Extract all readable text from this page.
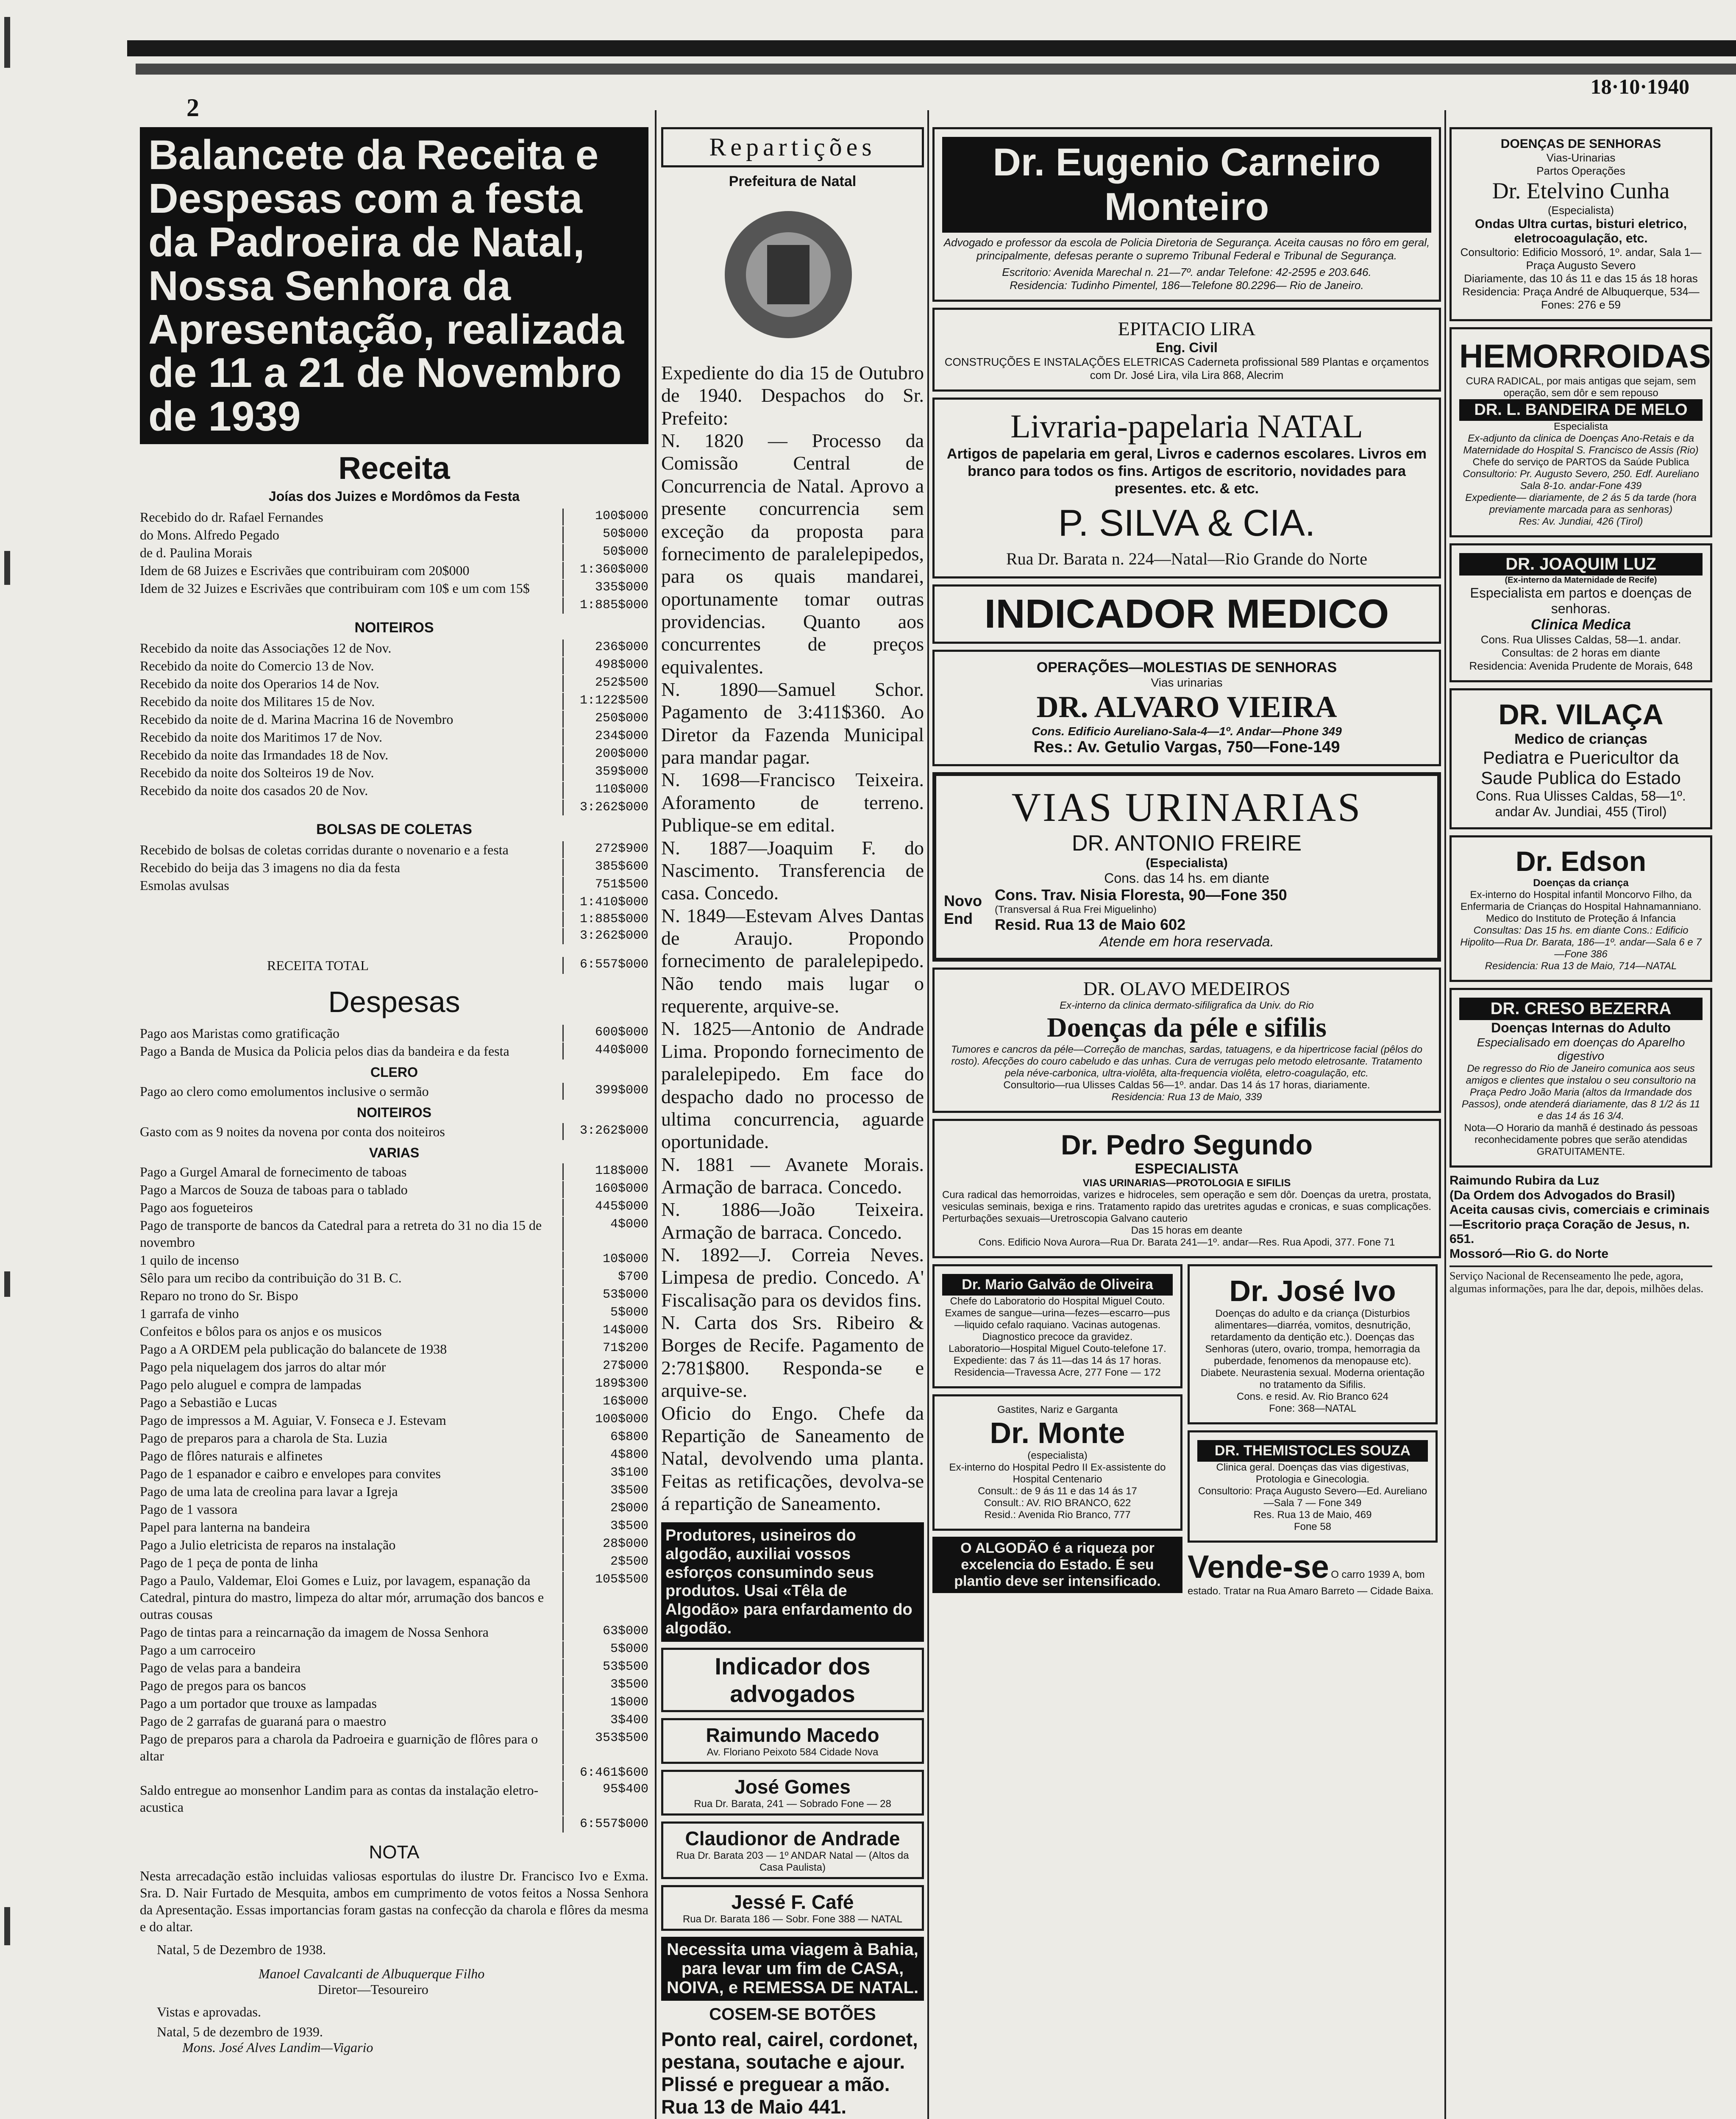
18·10·1940
2
Balancete da Receita e Despesas com a festa da Padroeira de Natal, Nossa Senhora da Apresentação, realizada de 11 a 21 de Novembro de 1939
Receita
Joías dos Juizes e Mordômos da Festa
Recebido do dr. Rafael Fernandes	100$000
do Mons. Alfredo Pegado	50$000
de d. Paulina Morais	50$000
Idem de 68 Juizes e Escrivães que contribuiram com 20$000	1:360$000
Idem de 32 Juizes e Escrivães que contribuiram com 10$ e um com 15$	335$000
1:885$000
NOITEIROS
Recebido da noite das Associações 12 de Nov.	236$000
Recebido da noite do Comercio 13 de Nov.	498$000
Recebido da noite dos Operarios 14 de Nov.	252$500
Recebido da noite dos Militares 15 de Nov.	1:122$500
Recebido da noite de d. Marina Macrina 16 de Novembro	250$000
Recebido da noite dos Maritimos 17 de Nov.	234$000
Recebido da noite das Irmandades 18 de Nov.	200$000
Recebido da noite dos Solteiros 19 de Nov.	359$000
Recebido da noite dos casados 20 de Nov.	110$000
3:262$000
BOLSAS DE COLETAS
Recebido de bolsas de coletas corridas durante o novenario e a festa	272$900
Recebido do beija das 3 imagens no dia da festa	385$600
Esmolas avulsas	751$500
1:410$000
1:885$000
3:262$000
RECEITA TOTAL	6:557$000
Despesas
Pago aos Maristas como gratificação	600$000
Pago a Banda de Musica da Policia pelos dias da bandeira e da festa	440$000
CLERO
Pago ao clero como emolumentos inclusive o sermão	399$000
NOITEIROS
Gasto com as 9 noites da novena por conta dos noiteiros	3:262$000
VARIAS
Pago a Gurgel Amaral de fornecimento de taboas	118$000
Pago a Marcos de Souza de taboas para o tablado	160$000
Pago aos fogueteiros	445$000
Pago de transporte de bancos da Catedral para a retreta do 31 no dia 15 de novembro
4$000
1 quilo de incenso	10$000
Sêlo para um recibo da contribuição do 31 B. C.	$700
Reparo no trono do Sr. Bispo	53$000
1 garrafa de vinho	5$000
Confeitos e bôlos para os anjos e os musicos	14$000
Pago a A ORDEM pela publicação do balancete de 1938	71$200
Pago pela niquelagem dos jarros do altar mór	27$000
Pago pelo aluguel e compra de lampadas	189$300
Pago a Sebastião e Lucas	16$000
Pago de impressos a M. Aguiar, V. Fonseca e J. Estevam	100$000
Pago de preparos para a charola de Sta. Luzia	6$800
Pago de flôres naturais e alfinetes	4$800
Pago de 1 espanador e caibro e envelopes para convites	3$100
Pago de uma lata de creolina para lavar a Igreja	3$500
Pago de 1 vassora	2$000
Papel para lanterna na bandeira	3$500
Pago a Julio eletricista de reparos na instalação	28$000
Pago de 1 peça de ponta de linha	2$500
Pago a Paulo, Valdemar, Eloi Gomes e Luiz, por lavagem, espanação da Catedral, pintura do mastro, limpeza do altar mór, arrumação dos bancos e outras cousas
105$500
Pago de tintas para a reincarnação da imagem de Nossa Senhora	63$000
Pago a um carroceiro	5$000
Pago de velas para a bandeira	53$500
Pago de pregos para os bancos	3$500
Pago a um portador que trouxe as lampadas	1$000
Pago de 2 garrafas de guaraná para o maestro	3$400
Pago de preparos para a charola da Padroeira e guarnição de flôres para o altar
353$500
6:461$600
Saldo entregue ao monsenhor Landim para as contas da instalação eletro-acustica
95$400
6:557$000
NOTA
Nesta arrecadação estão incluidas valiosas esportulas do ilustre Dr. Francisco Ivo e Exma. Sra. D. Nair Furtado de Mesquita, ambos em cumprimento de votos feitos a Nossa Senhora da Apresentação. Essas importancias foram gastas na confecção da charola e flôres da mesma e do altar.
Natal, 5 de Dezembro de 1938.
Manoel Cavalcanti de Albuquerque Filho
Diretor—Tesoureiro
Vistas e aprovadas.
Natal, 5 de dezembro de 1939.
Mons. José Alves Landim—Vigario
Repartições
Prefeitura de Natal
Expediente do dia 15 de Outubro de 1940. Despachos do Sr. Prefeito:
N. 1820 — Processo da Comissão Central de Concurrencia de Natal. Aprovo a presente concurrencia sem exceção da proposta para fornecimento de paralelepipedos, para os quais mandarei, oportunamente tomar outras providencias. Quanto aos concurrentes de preços equivalentes.
N. 1890—Samuel Schor. Pagamento de 3:411$360. Ao Diretor da Fazenda Municipal para mandar pagar.
N. 1698—Francisco Teixeira. Aforamento de terreno. Publique-se em edital.
N. 1887—Joaquim F. do Nascimento. Transferencia de casa. Concedo.
N. 1849—Estevam Alves Dantas de Araujo. Propondo fornecimento de paralelepipedo. Não tendo mais lugar o requerente, arquive-se.
N. 1825—Antonio de Andrade Lima. Propondo fornecimento de paralelepipedo. Em face do despacho dado no processo de ultima concurrencia, aguarde oportunidade.
N. 1881 — Avanete Morais. Armação de barraca. Concedo.
N. 1886—João Teixeira. Armação de barraca. Concedo.
N. 1892—J. Correia Neves. Limpesa de predio. Concedo. A' Fiscalisação para os devidos fins.
N. Carta dos Srs. Ribeiro & Borges de Recife. Pagamento de 2:781$800. Responda-se e arquive-se.
Oficio do Engo. Chefe da Repartição de Saneamento de Natal, devolvendo uma planta. Feitas as retificações, devolva-se á repartição de Saneamento.
Produtores, usineiros do algodão, auxiliai vossos esforços consumindo seus produtos. Usai «Têla de Algodão» para enfardamento do algodão.
Indicador dos advogados
Raimundo Macedo
Av. Floriano Peixoto 584 Cidade Nova
José Gomes
Rua Dr. Barata, 241 — Sobrado Fone — 28
Claudionor de Andrade
Rua Dr. Barata 203 — 1º ANDAR Natal — (Altos da Casa Paulista)
Jessé F. Café
Rua Dr. Barata 186 — Sobr. Fone 388 — NATAL
Necessita uma viagem à Bahia, para levar um fim de CASA, NOIVA, e REMESSA DE NATAL.
COSEM-SE BOTÕES
Ponto real, cairel, cordonet, pestana, soutache e ajour. Plissé e preguear a mão. Rua 13 de Maio 441.
Dr. Eugenio Carneiro Monteiro
Advogado e professor da escola de Policia Diretoria de Segurança. Aceita causas no fôro em geral, principalmente, defesas perante o supremo Tribunal Federal e Tribunal de Segurança.
Escritorio: Avenida Marechal n. 21—7º. andar Telefone: 42-2595 e 203.646.
Residencia: Tudinho Pimentel, 186—Telefone 80.2296— Rio de Janeiro.
EPITACIO LIRA
Eng. Civil
CONSTRUÇÕES E INSTALAÇÕES ELETRICAS Caderneta profissional 589 Plantas e orçamentos com Dr. José Lira, vila Lira 868, Alecrim
Livraria-papelaria NATAL
Artigos de papelaria em geral, Livros e cadernos escolares. Livros em branco para todos os fins. Artigos de escritorio, novidades para presentes. etc. & etc.
P. SILVA & CIA.
Rua Dr. Barata n. 224—Natal—Rio Grande do Norte
INDICADOR MEDICO
OPERAÇÕES—MOLESTIAS DE SENHORAS
Vias urinarias
DR. ALVARO VIEIRA
Cons. Edificio Aureliano-Sala-4—1º. Andar—Phone 349
Res.: Av. Getulio Vargas, 750—Fone-149
VIAS URINARIAS
DR. ANTONIO FREIRE
(Especialista)
Cons. das 14 hs. em diante
Novo End
Cons. Trav. Nisia Floresta, 90—Fone 350
(Transversal á Rua Frei Miguelinho)
Resid. Rua 13 de Maio 602
Atende em hora reservada.
DR. OLAVO MEDEIROS
Ex-interno da clinica dermato-sifiligrafica da Univ. do Rio
Doenças da péle e sifilis
Tumores e cancros da péle—Correção de manchas, sardas, tatuagens, e da hipertricose facial (pêlos do rosto). Afecções do couro cabeludo e das unhas. Cura de verrugas pelo metodo eletrosante. Tratamento pela néve-carbonica, ultra-violêta, alta-frequencia violêta, eletro-coagulação, etc.
Consultorio—rua Ulisses Caldas 56—1º. andar. Das 14 ás 17 horas, diariamente.
Residencia: Rua 13 de Maio, 339
Dr. Pedro Segundo
ESPECIALISTA
VIAS URINARIAS—PROTOLOGIA E SIFILIS
Cura radical das hemorroidas, varizes e hidroceles, sem operação e sem dôr. Doenças da uretra, prostata, vesiculas seminais, bexiga e rins. Tratamento rapido das uretrites agudas e cronicas, e suas complicações. Perturbações sexuais—Uretroscopia Galvano cauterio
Das 15 horas em deante
Cons. Edificio Nova Aurora—Rua Dr. Barata 241—1º. andar—Res. Rua Apodi, 377. Fone 71
Dr. Mario Galvão de Oliveira
Chefe do Laboratorio do Hospital Miguel Couto. Exames de sangue—urina—fezes—escarro—pus—liquido cefalo raquiano. Vacinas autogenas. Diagnostico precoce da gravidez.
Laboratorio—Hospital Miguel Couto-telefone 17. Expediente: das 7 ás 11—das 14 ás 17 horas.
Residencia—Travessa Acre, 277 Fone — 172
Gastites, Nariz e Garganta
Dr. Monte
(especialista)
Ex-interno do Hospital Pedro II Ex-assistente do Hospital Centenario
Consult.: de 9 ás 11 e das 14 ás 17
Consult.: AV. RIO BRANCO, 622
Resid.: Avenida Rio Branco, 777
O ALGODÃO é a riqueza por excelencia do Estado. É seu plantio deve ser intensificado.
Dr. José Ivo
Doenças do adulto e da criança (Disturbios alimentares—diarréa, vomitos, desnutrição, retardamento da dentição etc.). Doenças das Senhoras (utero, ovario, trompa, hemorragia da puberdade, fenomenos da menopause etc). Diabete. Neurastenia sexual. Moderna orientação no tratamento da Sifilis.
Cons. e resid. Av. Rio Branco 624
Fone: 368—NATAL
DR. THEMISTOCLES SOUZA
Clinica geral. Doenças das vias digestivas, Protologia e Ginecologia.
Consultorio: Praça Augusto Severo—Ed. Aureliano—Sala 7 — Fone 349
Res. Rua 13 de Maio, 469
Fone 58
Vende-se O carro 1939 A, bom estado. Tratar na Rua Amaro Barreto — Cidade Baixa.
DOENÇAS DE SENHORAS
Vias-Urinarias
Partos Operações
Dr. Etelvino Cunha
(Especialista)
Ondas Ultra curtas, bisturi eletrico, eletrocoagulação, etc.
Consultorio: Edificio Mossoró, 1º. andar, Sala 1—Praça Augusto Severo
Diariamente, das 10 ás 11 e das 15 ás 18 horas
Residencia: Praça André de Albuquerque, 534—Fones: 276 e 59
HEMORROIDAS
CURA RADICAL, por mais antigas que sejam, sem operação, sem dôr e sem repouso
DR. L. BANDEIRA DE MELO
Especialista
Ex-adjunto da clinica de Doenças Ano-Retais e da Maternidade do Hospital S. Francisco de Assis (Rio)
Chefe do serviço de PARTOS da Saúde Publica
Consultorio: Pr. Augusto Severo, 250. Edf. Aureliano Sala 8-1o. andar-Fone 439
Expediente— diariamente, de 2 ás 5 da tarde (hora previamente marcada para as senhoras)
Res: Av. Jundiai, 426 (Tirol)
DR. JOAQUIM LUZ
(Ex-interno da Maternidade de Recife)
Especialista em partos e doenças de senhoras.
Clinica Medica
Cons. Rua Ulisses Caldas, 58—1. andar. Consultas: de 2 horas em diante
Residencia: Avenida Prudente de Morais, 648
DR. VILAÇA
Medico de crianças
Pediatra e Puericultor da Saude Publica do Estado
Cons. Rua Ulisses Caldas, 58—1º. andar Av. Jundiai, 455 (Tirol)
Dr. Edson
Doenças da criança
Ex-interno do Hospital infantil Moncorvo Filho, da Enfermaria de Crianças do Hospital Hahnamanniano. Medico do Instituto de Proteção á Infancia
Consultas: Das 15 hs. em diante Cons.: Edificio Hipolito—Rua Dr. Barata, 186—1º. andar—Sala 6 e 7—Fone 386
Residencia: Rua 13 de Maio, 714—NATAL
DR. CRESO BEZERRA
Doenças Internas do Adulto
Especialisado em doenças do Aparelho digestivo
De regresso do Rio de Janeiro comunica aos seus amigos e clientes que instalou o seu consultorio na Praça Pedro João Maria (altos da Irmandade dos Passos), onde atenderá diariamente, das 8 1/2 ás 11 e das 14 ás 16 3/4.
Nota—O Horario da manhã é destinado ás pessoas reconhecidamente pobres que serão atendidas GRATUITAMENTE.
Raimundo Rubira da Luz
(Da Ordem dos Advogados do Brasil)
Aceita causas civis, comerciais e criminais—Escritorio praça Coração de Jesus, n. 651.
Mossoró—Rio G. do Norte
Serviço Nacional de Recenseamento lhe pede, agora, algumas informações, para lhe dar, depois, milhões delas.
